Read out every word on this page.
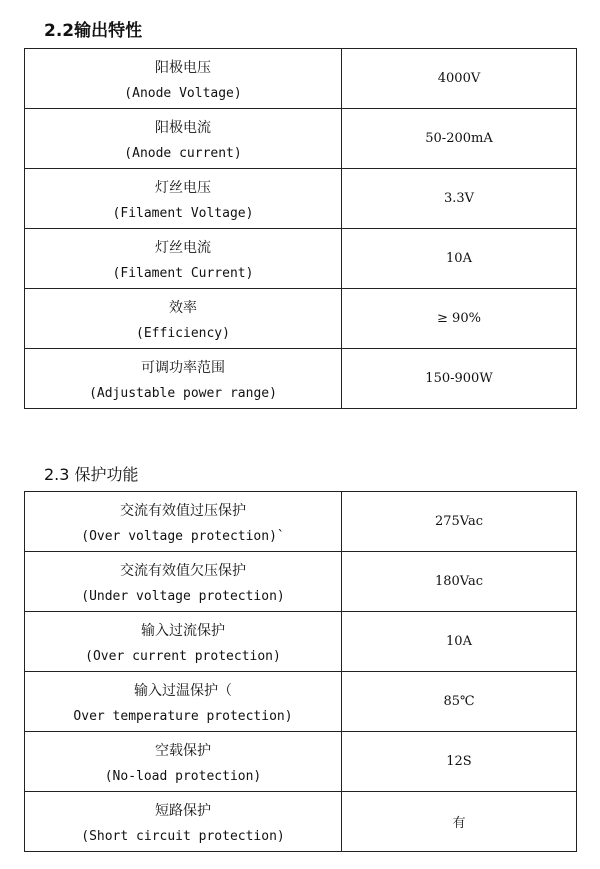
2.2输出特性
阳极电压
(Anode Voltage)	4000V

阳极电流
(Anode current)	50-200mA

灯丝电压
(Filament Voltage)	3.3V

灯丝电流
(Filament Current)	10A

效率
(Efficiency)	≥ 90%

可调功率范围
(Adjustable power range)	150-900W
2.3 保护功能
交流有效值过压保护
(Over voltage protection)`	275Vac

交流有效值欠压保护
(Under voltage protection)	180Vac

输入过流保护
(Over current protection)	10A

输入过温保护（
Over temperature protection)	85℃

空载保护
(No-load protection)	12S

短路保护
(Short circuit protection)	有
